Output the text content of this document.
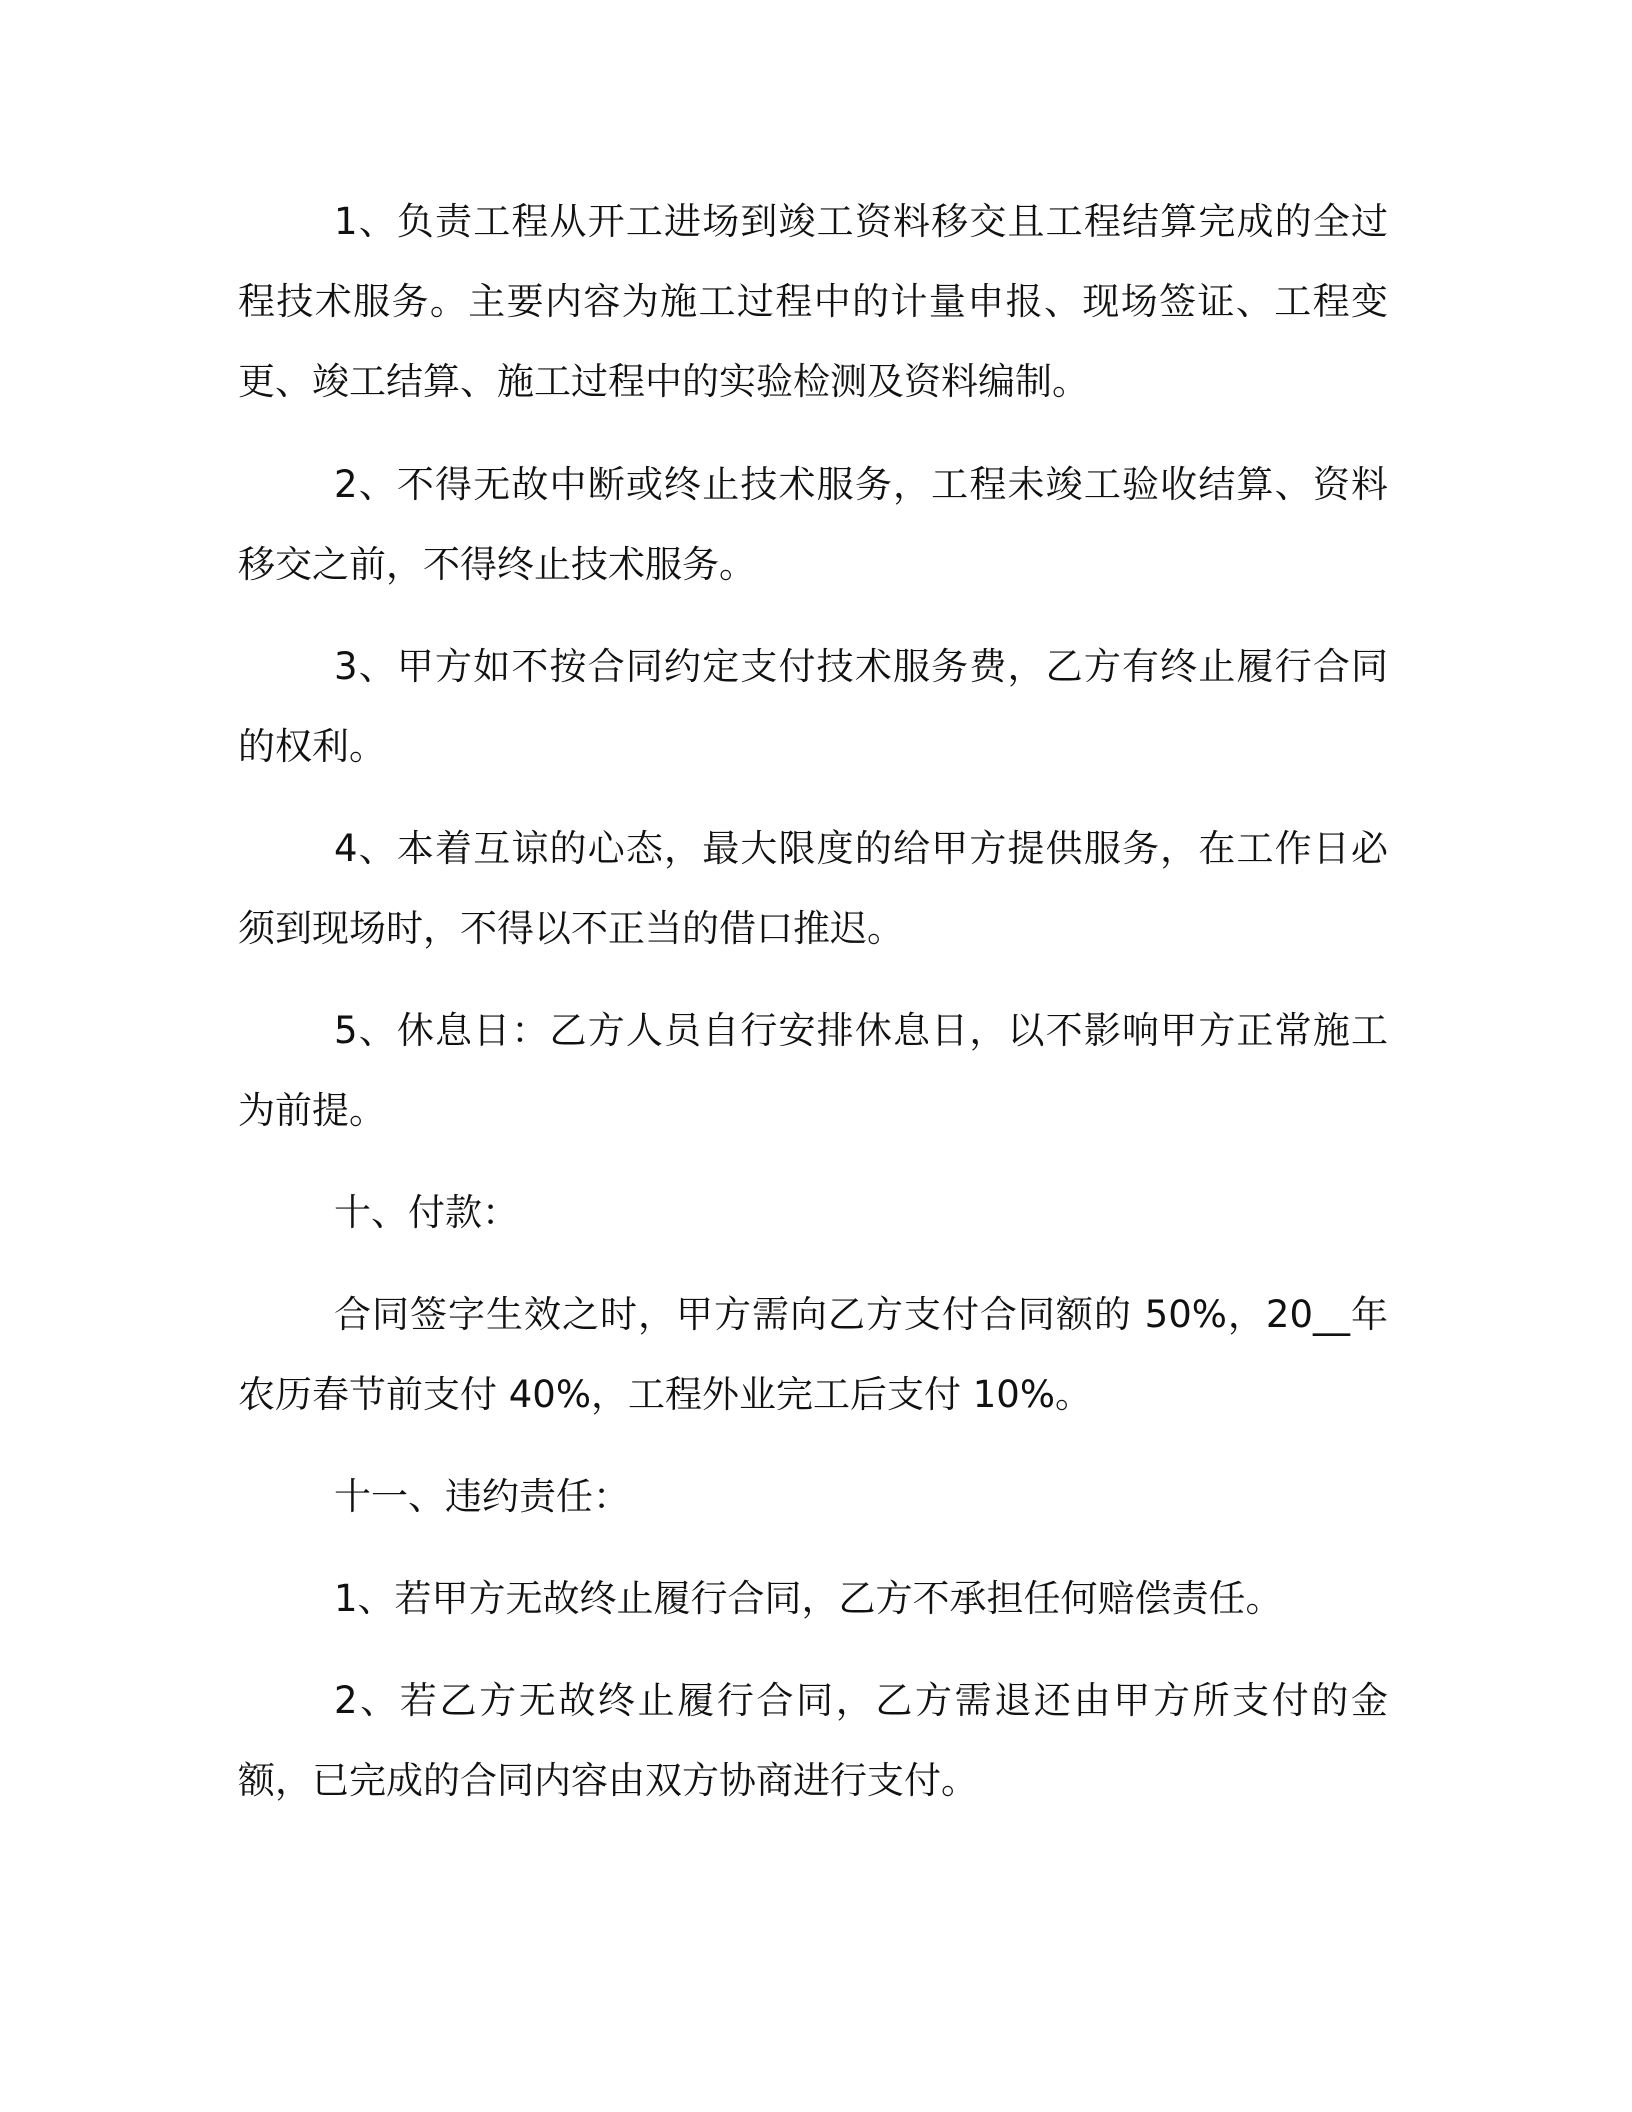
1、负责工程从开工进场到竣工资料移交且工程结算完成的全过程技术服务。主要内容为施工过程中的计量申报、现场签证、工程变更、竣工结算、施工过程中的实验检测及资料编制。

2、不得无故中断或终止技术服务，工程未竣工验收结算、资料移交之前，不得终止技术服务。

3、甲方如不按合同约定支付技术服务费，乙方有终止履行合同的权利。

4、本着互谅的心态，最大限度的给甲方提供服务，在工作日必须到现场时，不得以不正当的借口推迟。

5、休息日：乙方人员自行安排休息日，以不影响甲方正常施工为前提。

十、付款：

合同签字生效之时，甲方需向乙方支付合同额的 50%，20__年农历春节前支付 40%，工程外业完工后支付 10%。

十一、违约责任：

1、若甲方无故终止履行合同，乙方不承担任何赔偿责任。

2、若乙方无故终止履行合同，乙方需退还由甲方所支付的金额，已完成的合同内容由双方协商进行支付。
